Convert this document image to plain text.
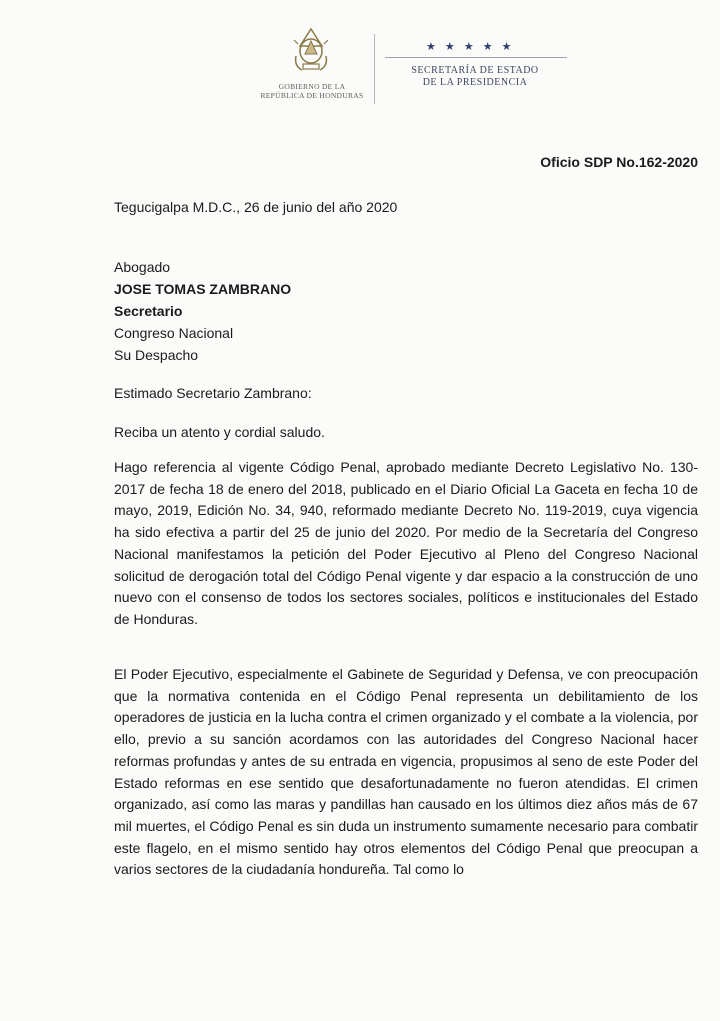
GOBIERNO DE LA
REPÚBLICA DE HONDURAS
★ ★ ★ ★ ★
SECRETARÍA DE ESTADO
DE LA PRESIDENCIA
Oficio SDP No.162-2020
Tegucigalpa M.D.C., 26 de junio del año 2020
Abogado
JOSE TOMAS ZAMBRANO
Secretario
Congreso Nacional
Su Despacho
Estimado Secretario Zambrano:
Reciba un atento y cordial saludo.
Hago referencia al vigente Código Penal, aprobado mediante Decreto Legislativo No. 130-2017 de fecha 18 de enero del 2018, publicado en el Diario Oficial La Gaceta en fecha 10 de mayo, 2019, Edición No. 34, 940, reformado mediante Decreto No. 119-2019, cuya vigencia ha sido efectiva a partir del 25 de junio del 2020. Por medio de la Secretaría del Congreso Nacional manifestamos la petición del Poder Ejecutivo al Pleno del Congreso Nacional solicitud de derogación total del Código Penal vigente y dar espacio a la construcción de uno nuevo con el consenso de todos los sectores sociales, políticos e institucionales del Estado de Honduras.
El Poder Ejecutivo, especialmente el Gabinete de Seguridad y Defensa, ve con preocupación que la normativa contenida en el Código Penal representa un debilitamiento de los operadores de justicia en la lucha contra el crimen organizado y el combate a la violencia, por ello, previo a su sanción acordamos con las autoridades del Congreso Nacional hacer reformas profundas y antes de su entrada en vigencia, propusimos al seno de este Poder del Estado reformas en ese sentido que desafortunadamente no fueron atendidas. El crimen organizado, así como las maras y pandillas han causado en los últimos diez años más de 67 mil muertes, el Código Penal es sin duda un instrumento sumamente necesario para combatir este flagelo, en el mismo sentido hay otros elementos del Código Penal que preocupan a varios sectores de la ciudadanía hondureña. Tal como lo
